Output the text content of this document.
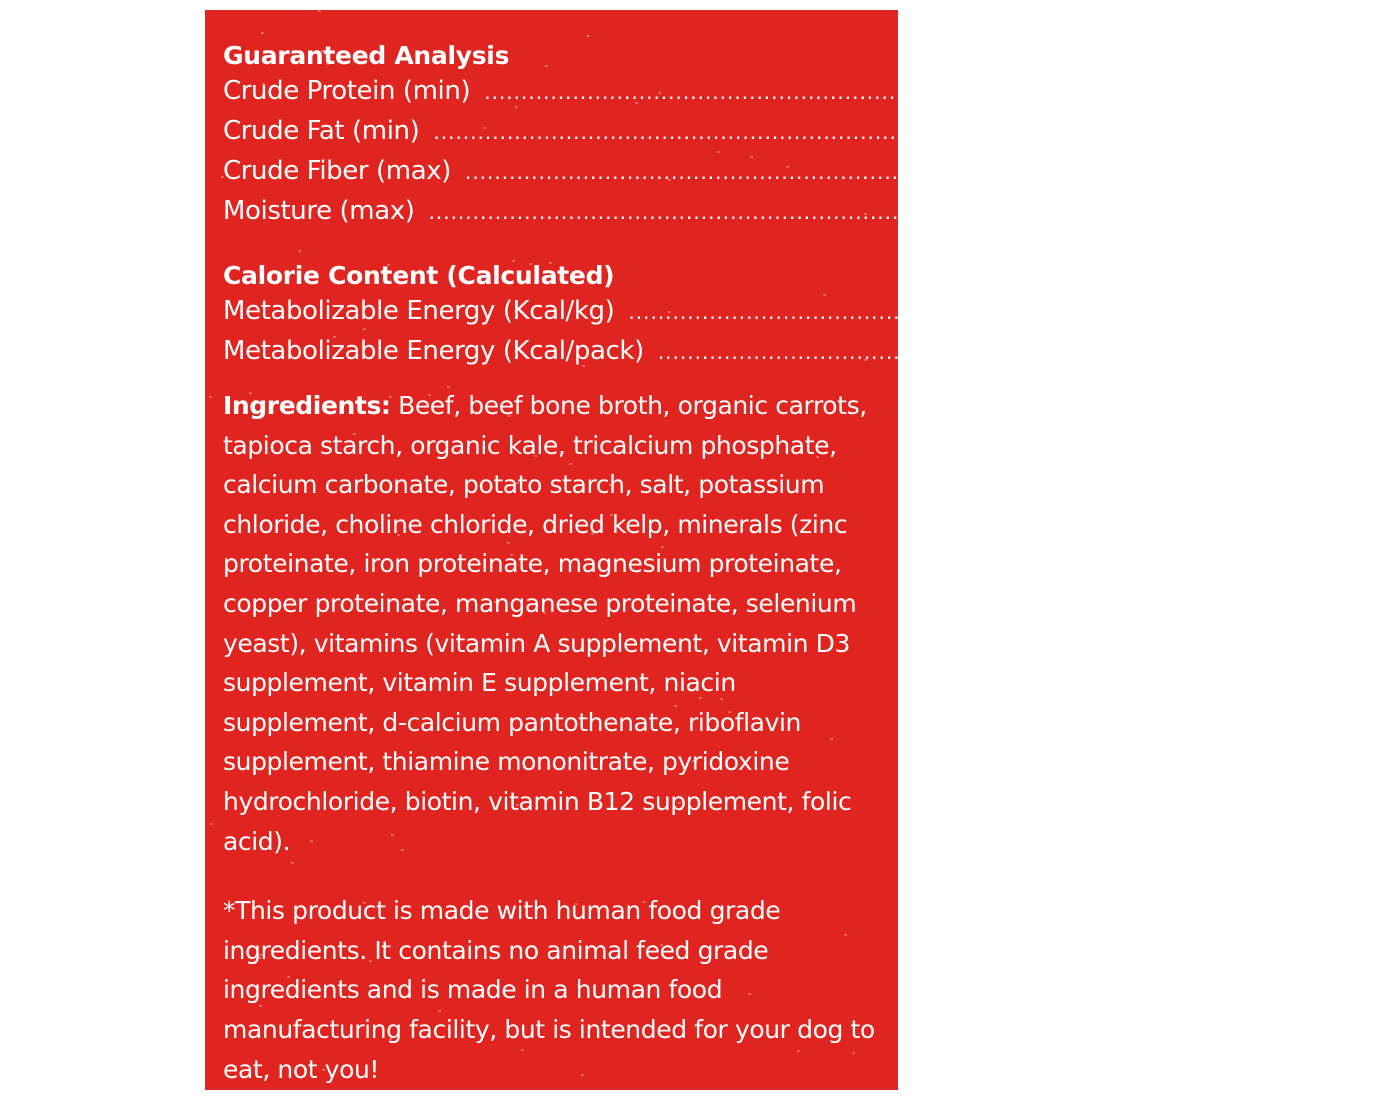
Guaranteed Analysis
Crude Protein (min) .......................................................................................... 9.00%
Crude Fat (min) .......................................................................................... 2.50%
Crude Fiber (max) .......................................................................................... 1.50%
Moisture (max) .......................................................................................... 82.0%
Calorie Content (Calculated)
Metabolizable Energy (Kcal/kg) .......................................................................................... 809
Metabolizable Energy (Kcal/pack) .......................................................................................... 251
Ingredients: Beef, beef bone broth, organic carrots, tapioca starch, organic kale, tricalcium phosphate, calcium carbonate, potato starch, salt, potassium chloride, choline chloride, dried kelp, minerals (zinc proteinate, iron proteinate, magnesium proteinate, copper proteinate, manganese proteinate, selenium yeast), vitamins (vitamin A supplement, vitamin D3 supplement, vitamin E supplement, niacin supplement, d-calcium pantothenate, riboflavin supplement, thiamine mononitrate, pyridoxine hydrochloride, biotin, vitamin B12 supplement, folic acid).
*This product is made with human food grade ingredients. It contains no animal feed grade ingredients and is made in a human food manufacturing facility, but is intended for your dog to eat, not you!
